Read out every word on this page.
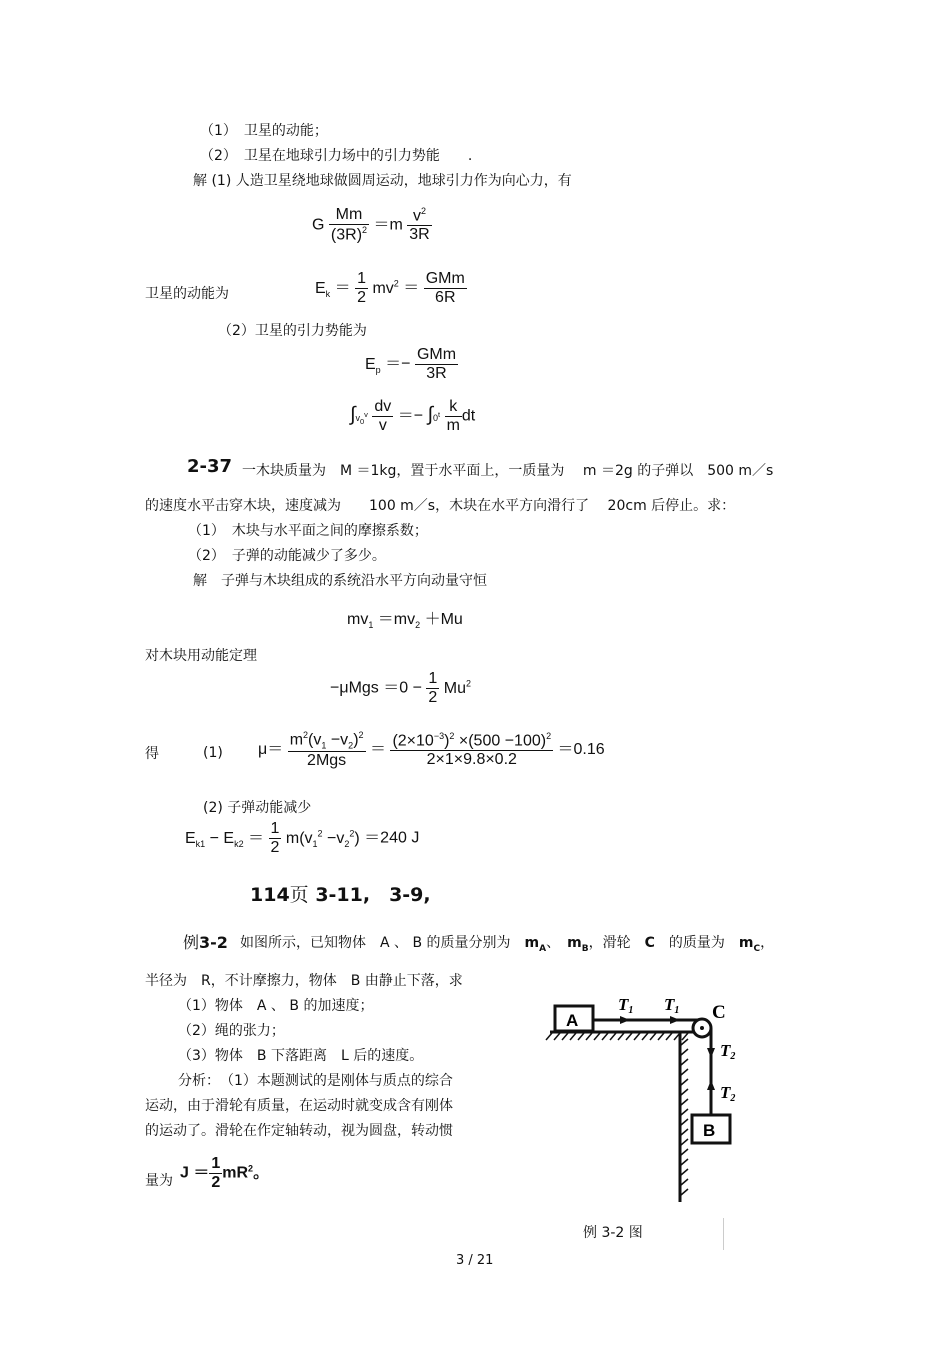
（1）　卫星的动能；
（2）　卫星在地球引力场中的引力势能　　.
解 (1) 人造卫星绕地球做圆周运动，地球引力作为向心力，有
G $\frac{Mm}{(3R)^2} =m \frac{v^2}{3R}$
卫星的动能为	$E_k = \frac{1}{2} mv^2 = \frac{\text{GMm}}{6R}$
（2）卫星的引力势能为
$E_p =- \frac{\text{GMm}}{3R}$
$\int v_0^v \frac{dv}{v} =- \int 0^t \frac{k}{m}$ dt
2-37 一木块质量为　M ＝1kg，置于水平面上，一质量为　 m ＝2g 的子弹以　500 m／s
的速度水平击穿木块，速度减为　　100 m／s，木块在水平方向滑行了　 20cm 后停止。求：
（1）　木块与水平面之间的摩擦系数；
（2）　子弹的动能减少了多少。
解　子弹与木块组成的系统沿水平方向动量守恒
$mv_1 =mv_2 +Mu$
对木块用动能定理
$-\mu Mgs =0 - \frac{1}{2} Mu^2$
得	(1) $\mu= \frac{m^2(v_1 -v_2)^2}{\text{2Mgs}} = \frac{(2\times 10^{-3})^2 \times(500 -100)^2}{2\times 1\times 9.8\times 0.2} =0.16$
(2) 子弹动能减少
$E_{k1} - E_{k2} = \frac{1}{2} m(v_1^2 -v_2^2) =240$ J
114页 3-11,　3-9,
例3-2 如图所示，已知物体　 A 、 B 的质量分别为　 $m_A$、　 $m_B$，滑轮　 C　 的质量为　 $m_C$，
半径为　R，不计摩擦力，物体　B 由静止下落，求
（1）物体　A 、 B 的加速度；
（2）绳的张力；
（3）物体　B 下落距离　L 后的速度。
分析：　（1）本题测试的是刚体与质点的综合
运动，由于滑轮有质量，在运动时就变成含有刚体
的运动了。滑轮在作定轴转动，视为圆盘，转动惯
量为 $J = \frac{1}{2} mR^2$。
A	C
B
T1 T1
T2
T2
例 3-2 图
3 / 21
